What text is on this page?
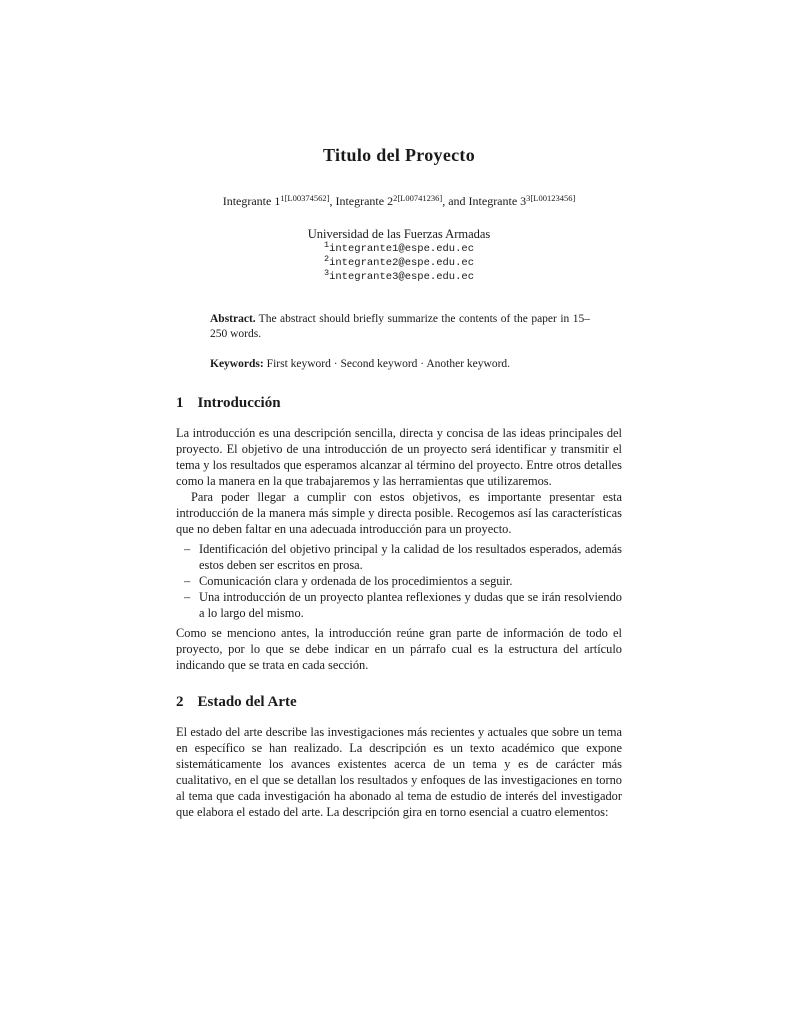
Titulo del Proyecto
Integrante $1^{1[L00374562]}$, Integrante $2^{2[L00741236]}$, and Integrante $3^{3[L00123456]}$
Universidad de las Fuerzas Armadas
$^1$integrante1@espe.edu.ec
$^2$integrante2@espe.edu.ec
$^3$integrante3@espe.edu.ec

Abstract. The abstract should briefly summarize the contents of the paper in 15–250 words.

Keywords: First keyword · Second keyword · Another keyword.

1 Introducción

La introducción es una descripción sencilla, directa y concisa de las ideas principales del proyecto. El objetivo de una introducción de un proyecto será identificar y transmitir el tema y los resultados que esperamos alcanzar al término del proyecto. Entre otros detalles como la manera en la que trabajaremos y las herramientas que utilizaremos.

Para poder llegar a cumplir con estos objetivos, es importante presentar esta introducción de la manera más simple y directa posible. Recogemos así las características que no deben faltar en una adecuada introducción para un proyecto.

– Identificación del objetivo principal y la calidad de los resultados esperados, además estos deben ser escritos en prosa.
– Comunicación clara y ordenada de los procedimientos a seguir.
– Una introducción de un proyecto plantea reflexiones y dudas que se irán resolviendo a lo largo del mismo.

Como se menciono antes, la introducción reúne gran parte de información de todo el proyecto, por lo que se debe indicar en un párrafo cual es la estructura del artículo indicando que se trata en cada sección.

2 Estado del Arte

El estado del arte describe las investigaciones más recientes y actuales que sobre un tema en específico se han realizado. La descripción es un texto académico que expone sistemáticamente los avances existentes acerca de un tema y es de carácter más cualitativo, en el que se detallan los resultados y enfoques de las investigaciones en torno al tema que cada investigación ha abonado al tema de estudio de interés del investigador que elabora el estado del arte. La descripción gira en torno esencial a cuatro elementos:
